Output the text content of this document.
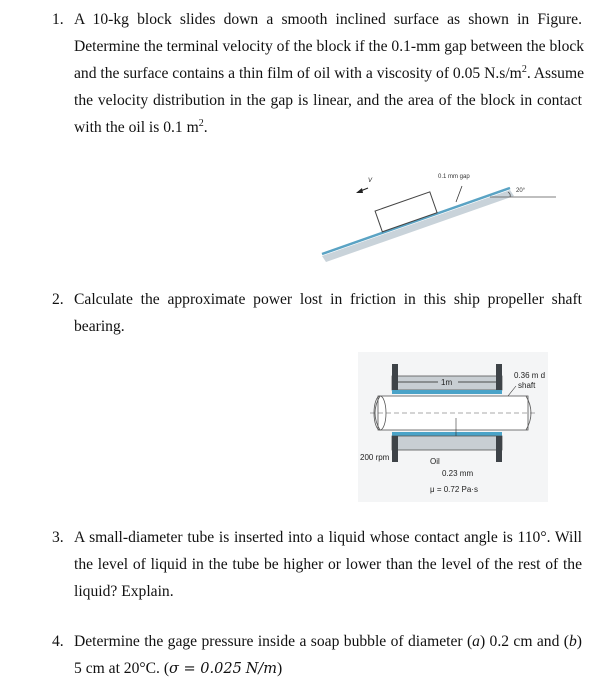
1. A 10-kg block slides down a smooth inclined surface as shown in Figure.
Determine the terminal velocity of the block if the 0.1-mm gap between the block
and the surface contains a thin film of oil with a viscosity of 0.05 $N.s/m^2$. Assume
the velocity distribution in the gap is linear, and the area of the block in contact
with the oil is 0.1 $m^2$.
V
0.1 mm gap
20°
2. Calculate the approximate power lost in friction in this ship propeller shaft
bearing.
1m
0.36 m d
shaft
200 rpm	Oil
0.23 mm
μ = 0.72 Pa·s
3. A small-diameter tube is inserted into a liquid whose contact angle is 110°. Will
the level of liquid in the tube be higher or lower than the level of the rest of the
liquid? Explain.
4. Determine the gage pressure inside a soap bubble of diameter (a) 0.2 cm and (b)
5 cm at 20°C. (σ = 0.025 N/m)
